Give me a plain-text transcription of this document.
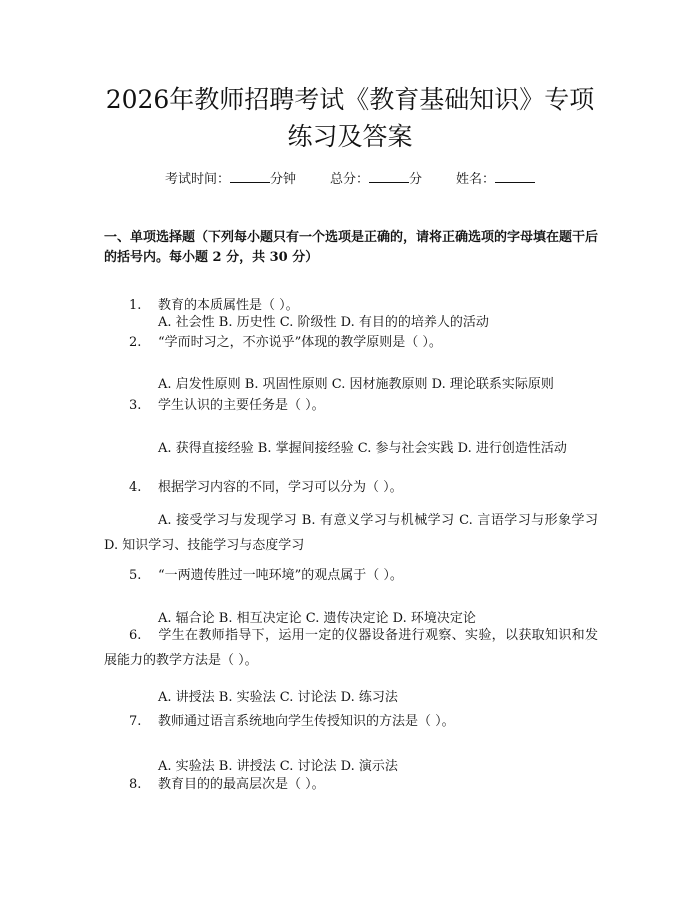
2026年教师招聘考试《教育基础知识》专项
练习及答案
考试时间：	分钟	总分：	分	姓名：

一、单项选择题（下列每小题只有一个选项是正确的，请将正确选项的字母填在题干后的括号内。每小题 2 分，共 30 分）

1. 教育的本质属性是（ ）。

A. 社会性 B. 历史性 C. 阶级性 D. 有目的的培养人的活动

2. “学而时习之，不亦说乎”体现的教学原则是（ ）。

A. 启发性原则 B. 巩固性原则 C. 因材施教原则 D. 理论联系实际原则

3. 学生认识的主要任务是（ ）。

A. 获得直接经验 B. 掌握间接经验 C. 参与社会实践 D. 进行创造性活动

4. 根据学习内容的不同，学习可以分为（ ）。

A. 接受学习与发现学习 B. 有意义学习与机械学习 C. 言语学习与形象学习 D. 知识学习、技能学习与态度学习

5. “一两遗传胜过一吨环境”的观点属于（ ）。

A. 辐合论 B. 相互决定论 C. 遗传决定论 D. 环境决定论

6. 学生在教师指导下，运用一定的仪器设备进行观察、实验，以获取知识和发展能力的教学方法是（ ）。

A. 讲授法 B. 实验法 C. 讨论法 D. 练习法

7. 教师通过语言系统地向学生传授知识的方法是（ ）。

A. 实验法 B. 讲授法 C. 讨论法 D. 演示法

8. 教育目的的最高层次是（ ）。
